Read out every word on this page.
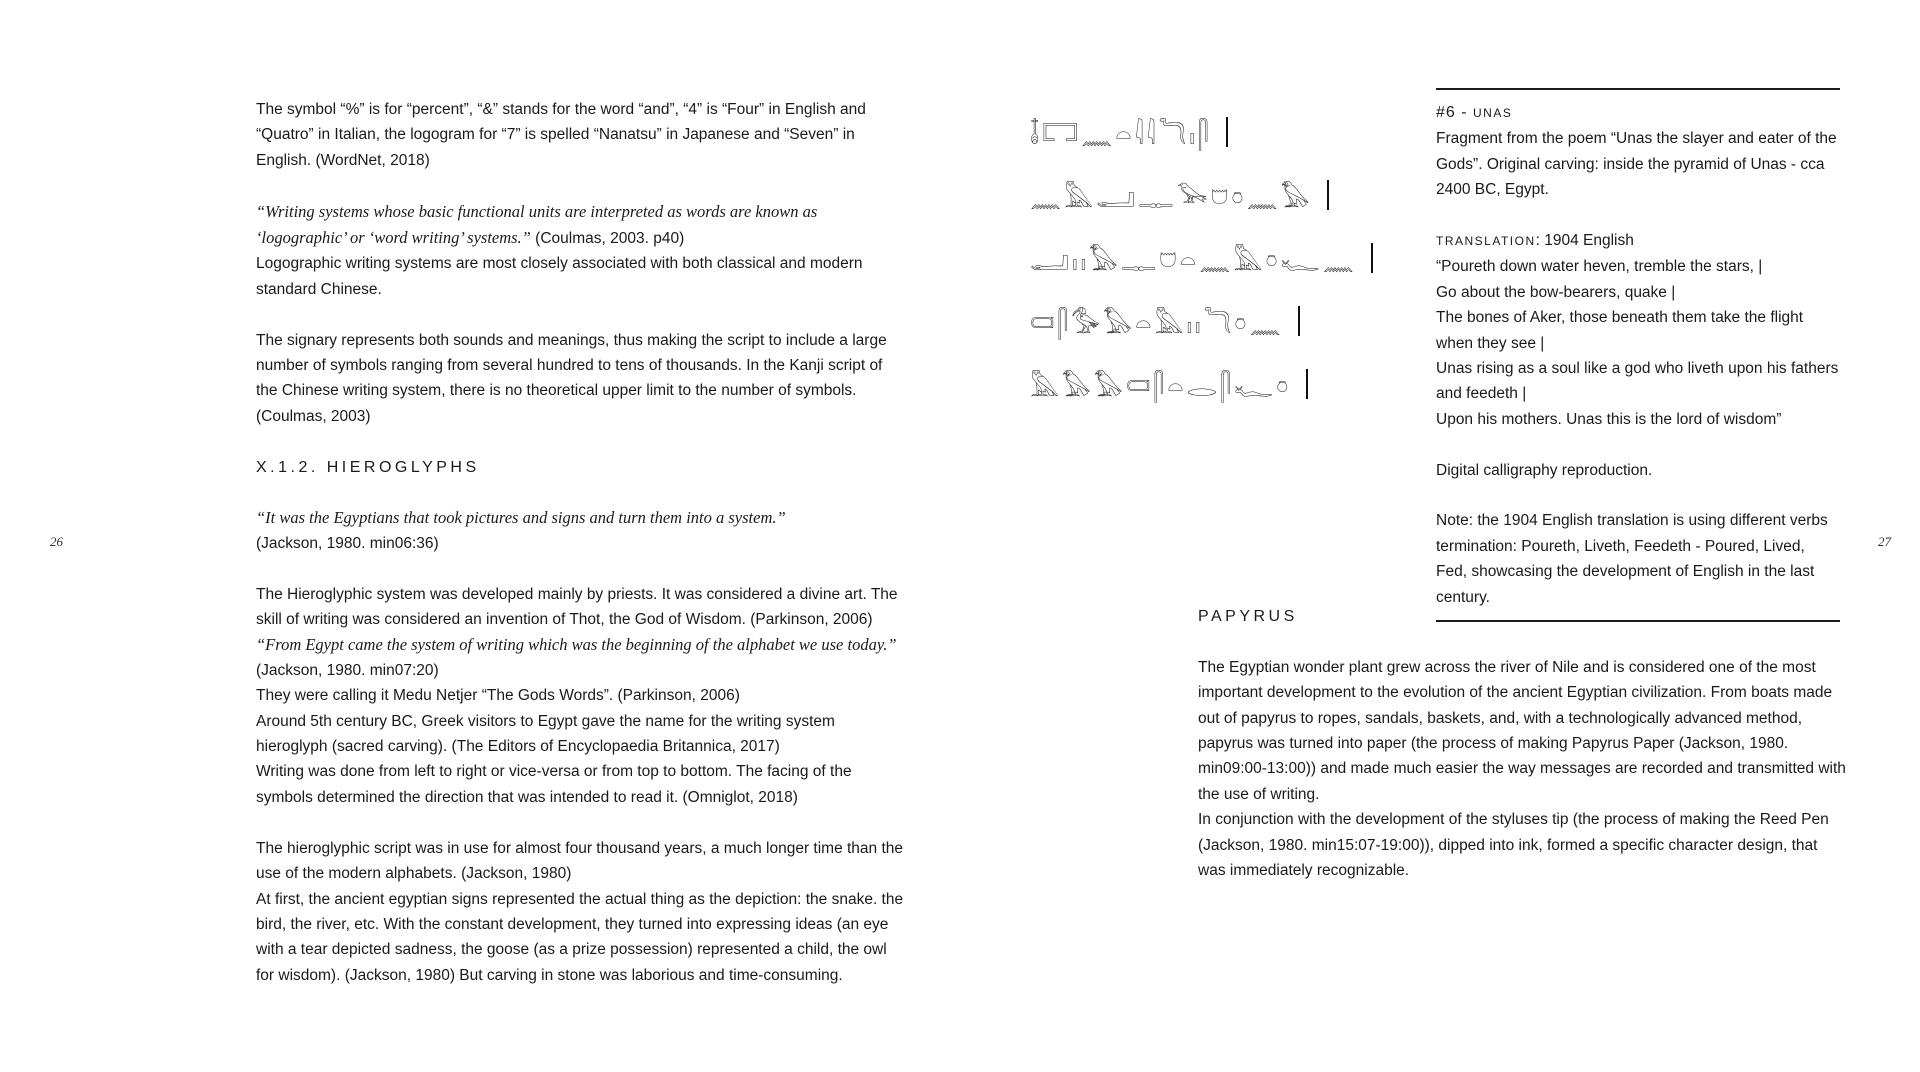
26	27

The symbol “%” is for “percent”, “&” stands for the word “and”, “4” is “Four” in English and “Quatro” in Italian, the logogram for “7” is spelled “Nanatsu” in Japanese and “Seven” in English. (WordNet, 2018)

“Writing systems whose basic functional units are interpreted as words are known as ‘logographic’ or ‘word writing’ systems.” (Coulmas, 2003. p40)

Logographic writing systems are most closely associated with both classical and modern standard Chinese.

The signary represents both sounds and meanings, thus making the script to include a large number of symbols ranging from several hundred to tens of thousands. In the Kanji script of the Chinese writing system, there is no theoretical upper limit to the number of symbols. (Coulmas, 2003)

X.1.2. HIEROGLYPHS

“It was the Egyptians that took pictures and signs and turn them into a system.”

(Jackson, 1980. min06:36)

The Hieroglyphic system was developed mainly by priests. It was considered a divine art. The skill of writing was considered an invention of Thot, the God of Wisdom. (Parkinson, 2006)

“From Egypt came the system of writing which was the beginning of the alphabet we use today.”

(Jackson, 1980. min07:20)

They were calling it Medu Netjer “The Gods Words”. (Parkinson, 2006)

Around 5th century BC, Greek visitors to Egypt gave the name for the writing system hieroglyph (sacred carving). (The Editors of Encyclopaedia Britannica, 2017)

Writing was done from left to right or vice-versa or from top to bottom. The facing of the symbols determined the direction that was intended to read it. (Omniglot, 2018)

The hieroglyphic script was in use for almost four thousand years, a much longer time than the use of the modern alphabets. (Jackson, 1980)

At first, the ancient egyptian signs represented the actual thing as the depiction: the snake. the bird, the river, etc. With the constant development, they turned into expressing ideas (an eye with a tear depicted sadness, the goose (as a prize possession) represented a child, the owl for wisdom). (Jackson, 1980) But carving in stone was laborious and time-consuming.

𓄤𓉐𓈖𓏏𓇋𓇋𓆓𓏤𓋴
𓈖𓅓𓂝𓊃𓅨𓈞𓏌𓈖𓅃
𓂝𓏤𓏤𓅃𓊃𓈞𓏏𓈖𓅓𓏌𓆑𓈖
𓍷𓋴𓅜𓅃𓏏𓅓𓏤𓏤𓆓𓏌𓈖
𓅓𓅃𓅃𓍷𓋴𓏏𓂋𓋴𓆑𓏌

#6 - UNAS

Fragment from the poem “Unas the slayer and eater of the Gods”. Original carving: inside the pyramid of Unas - cca 2400 BC, Egypt.

TRANSLATION: 1904 English

“Poureth down water heven, tremble the stars, |

Go about the bow-bearers, quake |

The bones of Aker, those beneath them take the flight when they see |

Unas rising as a soul like a god who liveth upon his fathers and feedeth |

Upon his mothers. Unas this is the lord of wisdom”

Digital calligraphy reproduction.

Note: the 1904 English translation is using different verbs termination: Poureth, Liveth, Feedeth - Poured, Lived, Fed, showcasing the development of English in the last century.

PAPYRUS

The Egyptian wonder plant grew across the river of Nile and is considered one of the most important development to the evolution of the ancient Egyptian civilization. From boats made out of papyrus to ropes, sandals, baskets, and, with a technologically advanced method, papyrus was turned into paper (the process of making Papyrus Paper (Jackson, 1980. min09:00-13:00)) and made much easier the way messages are recorded and transmitted with the use of writing.

In conjunction with the development of the styluses tip (the process of making the Reed Pen (Jackson, 1980. min15:07-19:00)), dipped into ink, formed a specific character design, that was immediately recognizable.
